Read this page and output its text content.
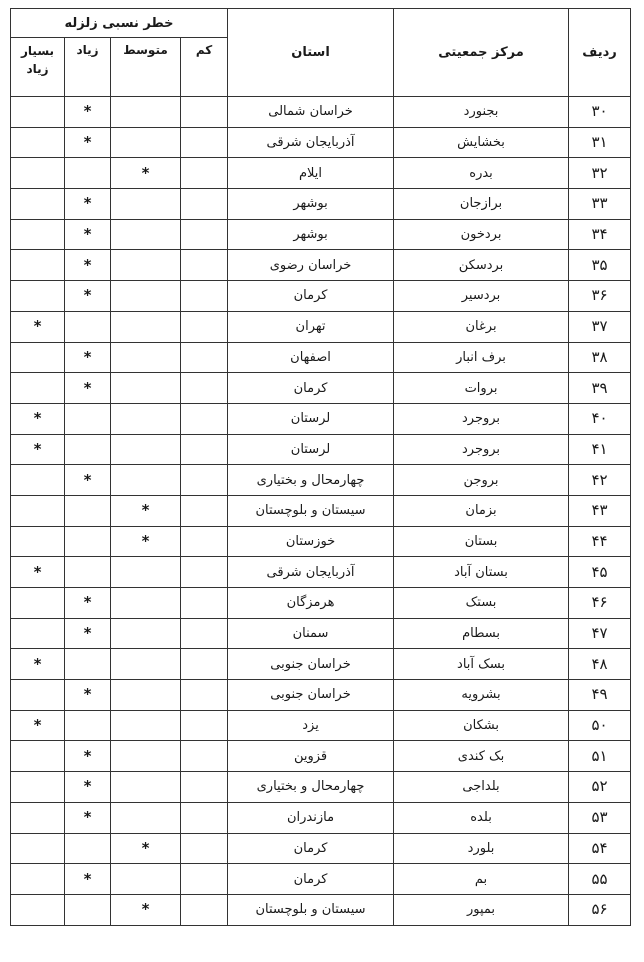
ردیف	مرکز جمعیتی	استان	خطر نسبی زلزله			
			کم	متوسط	زیاد	بسیار زیاد
۳۰	بجنورد	خراسان شمالی			*	
۳۱	بخشایش	آذربایجان شرقی			*	
۳۲	بدره	ایلام		*		
۳۳	برازجان	بوشهر			*	
۳۴	بردخون	بوشهر			*	
۳۵	بردسکن	خراسان رضوی			*	
۳۶	بردسیر	کرمان			*	
۳۷	برغان	تهران				*
۳۸	برف انبار	اصفهان			*	
۳۹	بروات	کرمان			*	
۴۰	بروجرد	لرستان				*
۴۱	بروجرد	لرستان				*
۴۲	بروجن	چهارمحال و بختیاری			*	
۴۳	بزمان	سیستان و بلوچستان		*		
۴۴	بستان	خوزستان		*		
۴۵	بستان آباد	آذربایجان شرقی				*
۴۶	بستک	هرمزگان			*	
۴۷	بسطام	سمنان			*	
۴۸	بسک آباد	خراسان جنوبی				*
۴۹	بشرویه	خراسان جنوبی			*	
۵۰	بشکان	یزد				*
۵۱	بک کندی	قزوین			*	
۵۲	بلداجی	چهارمحال و بختیاری			*	
۵۳	بلده	مازندران			*	
۵۴	بلورد	کرمان		*		
۵۵	بم	کرمان			*	
۵۶	بمپور	سیستان و بلوچستان		*		
